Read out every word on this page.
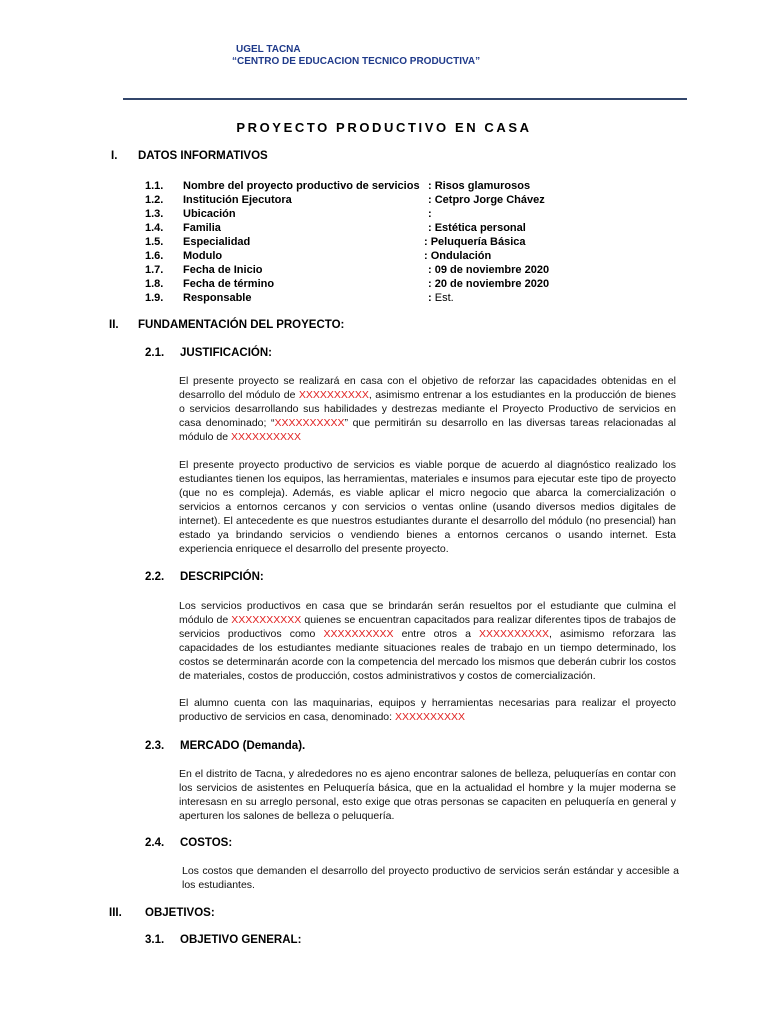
UGEL TACNA
“CENTRO DE EDUCACION TECNICO PRODUCTIVA”
PROYECTO PRODUCTIVO EN CASA
I. DATOS INFORMATIVOS
1.1. Nombre del proyecto productivo de servicios : Risos glamurosos
1.2. Institución Ejecutora	: Cetpro Jorge Chávez
1.3. Ubicación	:
1.4. Familia	: Estética personal
1.5. Especialidad	: Peluquería Básica
1.6. Modulo	: Ondulación
1.7. Fecha de Inicio	: 09 de noviembre 2020
1.8. Fecha de término	: 20 de noviembre 2020
1.9. Responsable	: Est.
II. FUNDAMENTACIÓN DEL PROYECTO:
2.1. JUSTIFICACIÓN:
El presente proyecto se realizará en casa con el objetivo de reforzar las capacidades obtenidas en el desarrollo del módulo de XXXXXXXXXX, asimismo entrenar a los estudiantes en la producción de bienes o servicios desarrollando sus habilidades y destrezas mediante el Proyecto Productivo de servicios en casa denominado; “XXXXXXXXXX” que permitirán su desarrollo en las diversas tareas relacionadas al módulo de XXXXXXXXXX
El presente proyecto productivo de servicios es viable porque de acuerdo al diagnóstico realizado los estudiantes tienen los equipos, las herramientas, materiales e insumos para ejecutar este tipo de proyecto (que no es compleja). Además, es viable aplicar el micro negocio que abarca la comercialización o servicios a entornos cercanos y con servicios o ventas online (usando diversos medios digitales de internet). El antecedente es que nuestros estudiantes durante el desarrollo del módulo (no presencial) han estado ya brindando servicios o vendiendo bienes a entornos cercanos o usando internet. Esta experiencia enriquece el desarrollo del presente proyecto.
2.2. DESCRIPCIÓN:
Los servicios productivos en casa que se brindarán serán resueltos por el estudiante que culmina el módulo de XXXXXXXXXX quienes se encuentran capacitados para realizar diferentes tipos de trabajos de servicios productivos como XXXXXXXXXX entre otros a XXXXXXXXXX, asimismo reforzara las capacidades de los estudiantes mediante situaciones reales de trabajo en un tiempo determinado, los costos se determinarán acorde con la competencia del mercado los mismos que deberán cubrir los costos de materiales, costos de producción, costos administrativos y costos de comercialización.
El alumno cuenta con las maquinarias, equipos y herramientas necesarias para realizar el proyecto productivo de servicios en casa, denominado: XXXXXXXXXX
2.3. MERCADO (Demanda).
En el distrito de Tacna, y alrededores no es ajeno encontrar salones de belleza, peluquerías en contar con los servicios de asistentes en Peluquería básica, que en la actualidad el hombre y la mujer moderna se interesasn en su arreglo personal, esto exige que otras personas se capaciten en peluquería en general y aperturen los salones de belleza o peluquería.
2.4. COSTOS:
Los costos que demanden el desarrollo del proyecto productivo de servicios serán estándar y accesible a los estudiantes.
III. OBJETIVOS:
3.1. OBJETIVO GENERAL:
